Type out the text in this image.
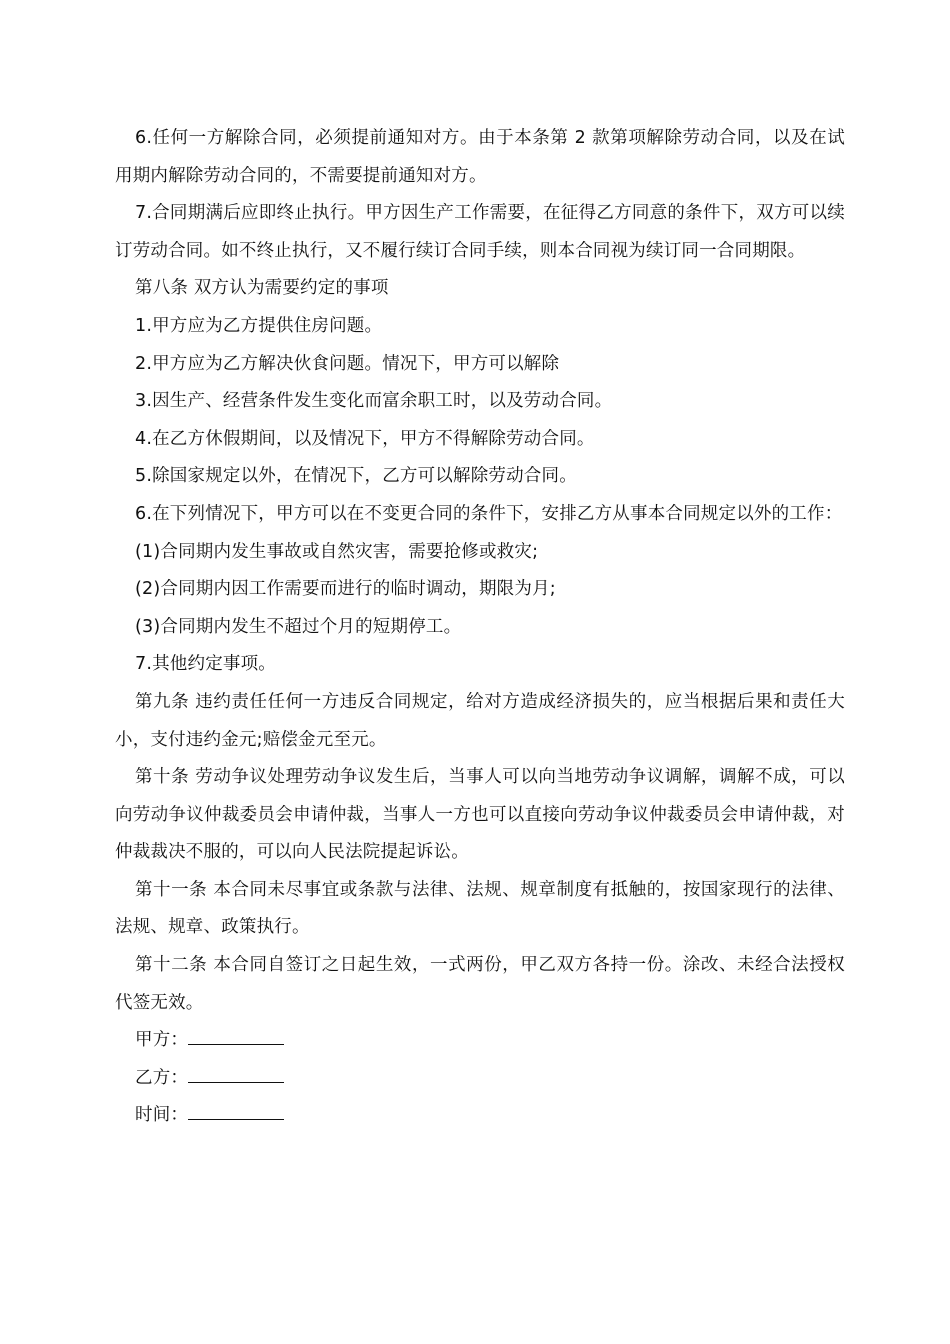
6.任何一方解除合同，必须提前通知对方。由于本条第 2 款第项解除劳动合同，以及在试用期内解除劳动合同的，不需要提前通知对方。

7.合同期满后应即终止执行。甲方因生产工作需要，在征得乙方同意的条件下，双方可以续订劳动合同。如不终止执行，又不履行续订合同手续，则本合同视为续订同一合同期限。

第八条 双方认为需要约定的事项

1.甲方应为乙方提供住房问题。

2.甲方应为乙方解决伙食问题。情况下，甲方可以解除

3.因生产、经营条件发生变化而富余职工时，以及劳动合同。

4.在乙方休假期间，以及情况下，甲方不得解除劳动合同。

5.除国家规定以外，在情况下，乙方可以解除劳动合同。

6.在下列情况下，甲方可以在不变更合同的条件下，安排乙方从事本合同规定以外的工作：

(1)合同期内发生事故或自然灾害，需要抢修或救灾;

(2)合同期内因工作需要而进行的临时调动，期限为月;

(3)合同期内发生不超过个月的短期停工。

7.其他约定事项。

第九条 违约责任任何一方违反合同规定，给对方造成经济损失的，应当根据后果和责任大小，支付违约金元;赔偿金元至元。

第十条 劳动争议处理劳动争议发生后，当事人可以向当地劳动争议调解，调解不成，可以向劳动争议仲裁委员会申请仲裁，当事人一方也可以直接向劳动争议仲裁委员会申请仲裁，对仲裁裁决不服的，可以向人民法院提起诉讼。

第十一条 本合同未尽事宜或条款与法律、法规、规章制度有抵触的，按国家现行的法律、法规、规章、政策执行。

第十二条 本合同自签订之日起生效，一式两份，甲乙双方各持一份。涂改、未经合法授权代签无效。

甲方：
乙方：
时间：
